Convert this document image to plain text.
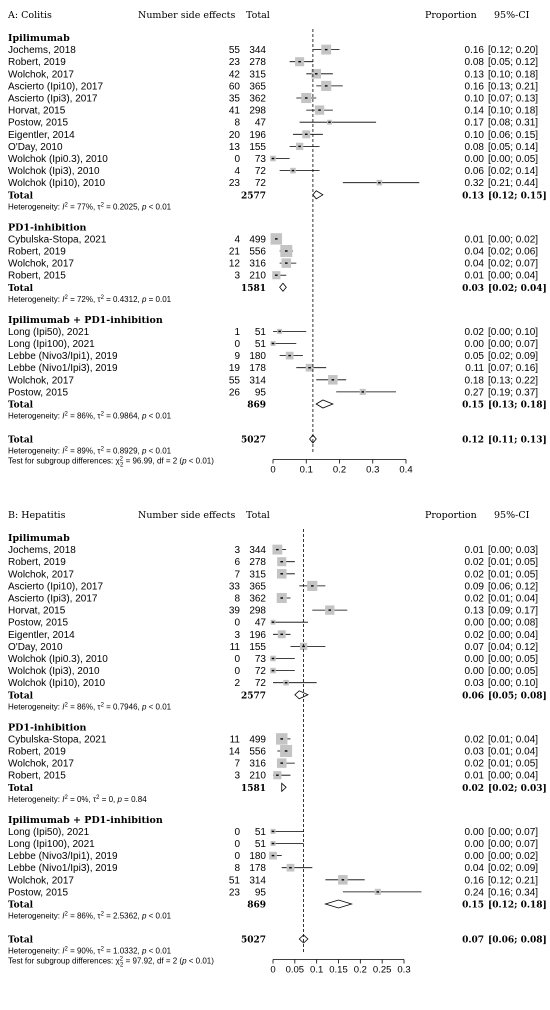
A: Colitis	Number side effects Total	Proportion 95%-CI
Ipilimumab
Jochems, 2018	55 344	0.16 [0.12; 0.20]
Robert, 2019	23 278	0.08 [0.05; 0.12]
Wolchok, 2017	42 315	0.13 [0.10; 0.18]
Ascierto (Ipi10), 2017	60 365	0.16 [0.13; 0.21]
Ascierto (Ipi3), 2017	35 362	0.10 [0.07; 0.13]
Horvat, 2015	41 298	0.14 [0.10; 0.18]
Postow, 2015	8 47	0.17 [0.08; 0.31]
Eigentler, 2014	20 196	0.10 [0.06; 0.15]
O'Day, 2010	13 155	0.08 [0.05; 0.14]
Wolchok (Ipi0.3), 2010	0 73	0.00 [0.00; 0.05]
Wolchok (Ipi3), 2010	4 72	0.06 [0.02; 0.14]
Wolchok (Ipi10), 2010	23 72	0.32 [0.21; 0.44]
Total	2577	0.13 [0.12; 0.15]
Heterogeneity: $I^2 = 77\%$, $\tau^2 = 0.2025$, p < 0.01
PD1-inhibition
Cybulska-Stopa, 2021	4 499	0.01 [0.00; 0.02]
Robert, 2019	21 556	0.04 [0.02; 0.06]
Wolchok, 2017	12 316	0.04 [0.02; 0.07]
Robert, 2015	3 210	0.01 [0.00; 0.04]
Total	1581	0.03 [0.02; 0.04]
Heterogeneity: $I^2 = 72\%$, $\tau^2 = 0.4312$, p = 0.01
Ipilimumab + PD1-inhibition
Long (Ipi50), 2021	1 51	0.02 [0.00; 0.10]
Long (Ipi100), 2021	0 51	0.00 [0.00; 0.07]
Lebbe (Nivo3/Ipi1), 2019	9 180	0.05 [0.02; 0.09]
Lebbe (Nivo1/Ipi3), 2019	19 178	0.11 [0.07; 0.16]
Wolchok, 2017	55 314	0.18 [0.13; 0.22]
Postow, 2015	26 95	0.27 [0.19; 0.37]
Total	869	0.15 [0.13; 0.18]
Heterogeneity: $I^2 = 86\%$, $\tau^2 = 0.9864$, p < 0.01
Total	5027	0.12 [0.11; 0.13]
Heterogeneity: $I^2 = 89\%$, $\tau^2 = 0.8929$, p < 0.01
Test for subgroup differences: $\chi^2$ $_2$ = 96.99, df = 2 (p < 0.01)
0	0.1 0.2 0.3 0.4
B: Hepatitis	Number side effects Total	Proportion 95%-CI
Ipilimumab
Jochems, 2018	3 344	0.01 [0.00; 0.03]
Robert, 2019	6 278	0.02 [0.01; 0.05]
Wolchok, 2017	7 315	0.02 [0.01; 0.05]
Ascierto (Ipi10), 2017	33 365	0.09 [0.06; 0.12]
Ascierto (Ipi3), 2017	8 362	0.02 [0.01; 0.04]
Horvat, 2015	39 298	0.13 [0.09; 0.17]
Postow, 2015	0 47	0.00 [0.00; 0.08]
Eigentler, 2014	3 196	0.02 [0.00; 0.04]
O'Day, 2010	11 155	0.07 [0.04; 0.12]
Wolchok (Ipi0.3), 2010	0 73	0.00 [0.00; 0.05]
Wolchok (Ipi3), 2010	0 72	0.00 [0.00; 0.05]
Wolchok (Ipi10), 2010	2 72	0.03 [0.00; 0.10]
Total	2577	0.06 [0.05; 0.08]
Heterogeneity: $I^2 = 86\%$, $\tau^2 = 0.7946$, p < 0.01
PD1-inhibition
Cybulska-Stopa, 2021	11 499	0.02 [0.01; 0.04]
Robert, 2019	14 556	0.03 [0.01; 0.04]
Wolchok, 2017	7 316	0.02 [0.01; 0.05]
Robert, 2015	3 210	0.01 [0.00; 0.04]
Total	1581	0.02 [0.02; 0.03]
Heterogeneity: $I^2 = 0\%$, $\tau^2 = 0$, p = 0.84
Ipilimumab + PD1-inhibition
Long (Ipi50), 2021	0 51	0.00 [0.00; 0.07]
Long (Ipi100), 2021	0 51	0.00 [0.00; 0.07]
Lebbe (Nivo3/Ipi1), 2019	0 180	0.00 [0.00; 0.02]
Lebbe (Nivo1/Ipi3), 2019	8 178	0.04 [0.02; 0.09]
Wolchok, 2017	51 314	0.16 [0.12; 0.21]
Postow, 2015	23 95	0.24 [0.16; 0.34]
Total	869	0.15 [0.12; 0.18]
Heterogeneity: $I^2 = 86\%$, $\tau^2 = 2.5362$, p < 0.01
Total	5027	0.07 [0.06; 0.08]
Heterogeneity: $I^2 = 90\%$, $\tau^2 = 1.0332$, p < 0.01
Test for subgroup differences: $\chi^2$ $_2$ = 97.92, df = 2 (p < 0.01)
0 0.05 0.1 0.15 0.2 0.25 0.3
